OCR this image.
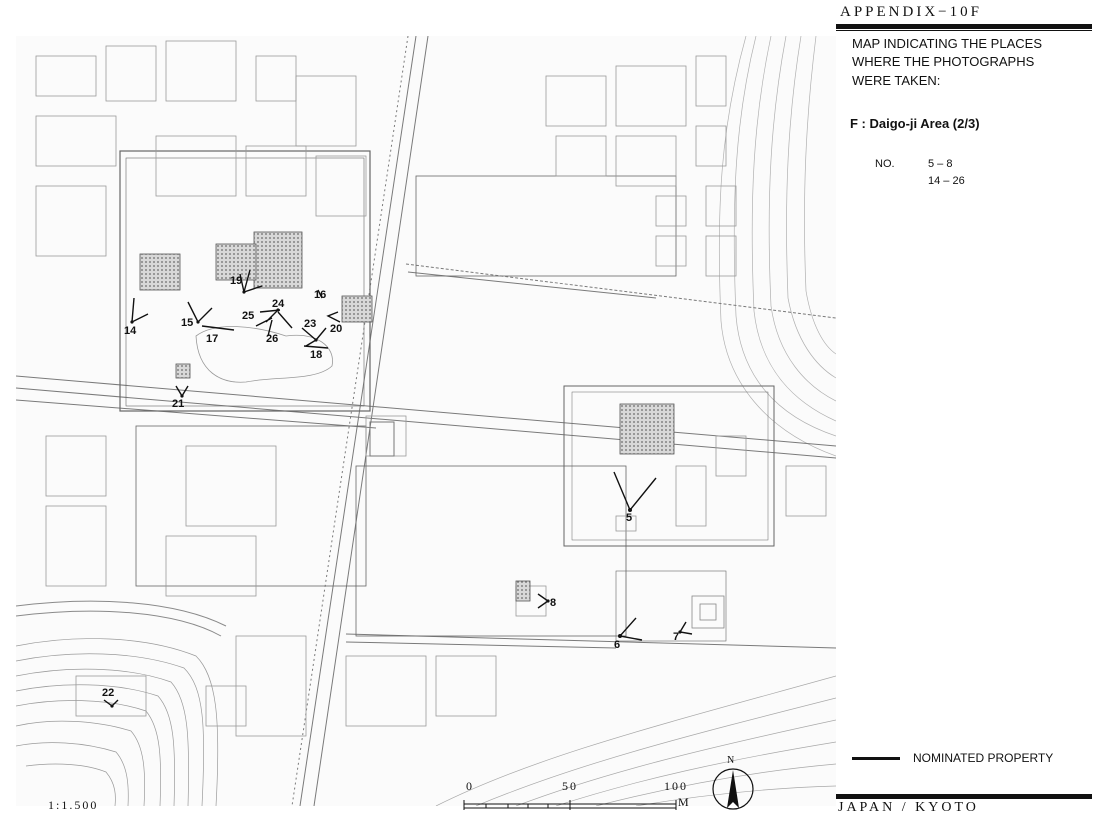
5
6
7
8
14
15
16
17
18
19
20
21
22
23
24
25
26
1:1.500
0	50	100
M
N
APPENDIX−10F
MAP INDICATING THE PLACES
WHERE THE PHOTOGRAPHS
WERE TAKEN:
F : Daigo-ji Area (2/3)
NO.	5 – 8
14 – 26
NOMINATED PROPERTY
JAPAN / KYOTO
